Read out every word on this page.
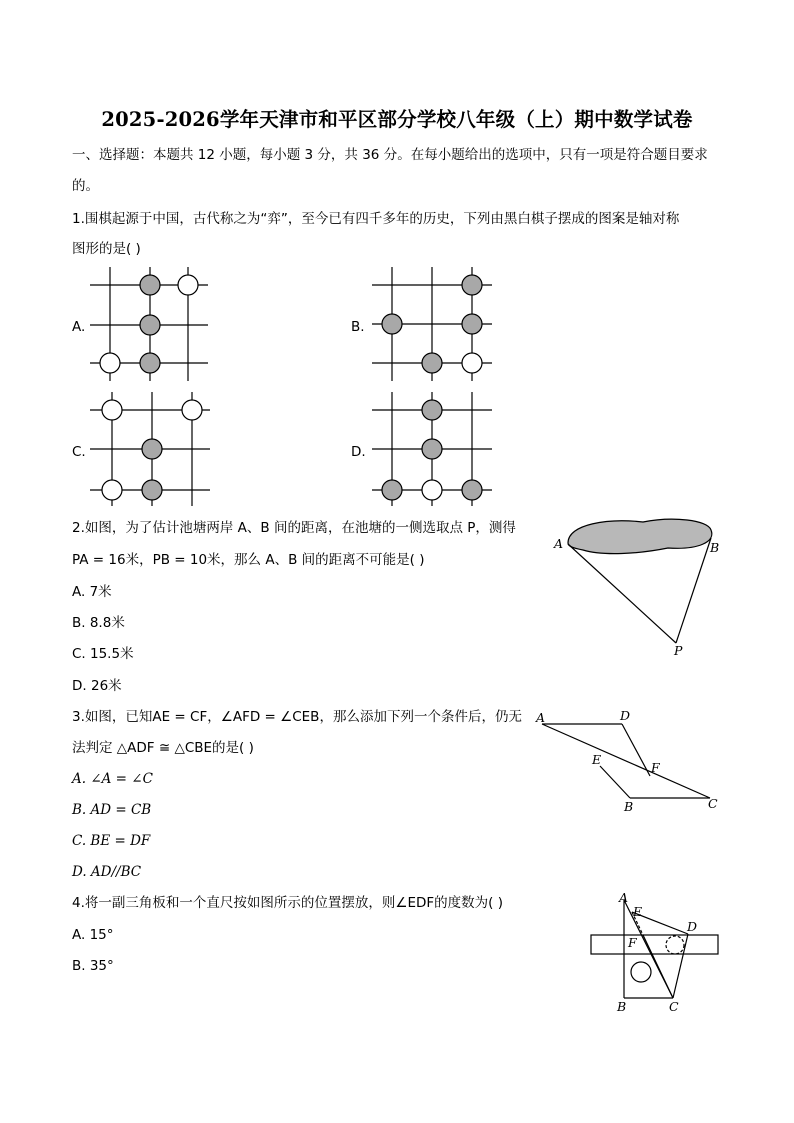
2025-2026学年天津市和平区部分学校八年级（上）期中数学试卷
一、选择题：本题共 12 小题，每小题 3 分，共 36 分。在每小题给出的选项中，只有一项是符合题目要求
的。
1.围棋起源于中国，古代称之为“弈”，至今已有四千多年的历史，下列由黑白棋子摆成的图案是轴对称
图形的是( )
A.	B.
C.	D.
2.如图，为了估计池塘两岸 A、B 间的距离，在池塘的一侧选取点 P，测得
PA = 16米，PB = 10米，那么 A、B 间的距离不可能是( )
A. 7米
B. 8.8米
C. 15.5米
D. 26米
A	B
P
3.如图，已知AE = CF，∠AFD = ∠CEB，那么添加下列一个条件后，仍无
法判定 △ADF ≅ △CBE的是( )
A. ∠A = ∠C
B. AD = CB
C. BE = DF
D. AD//BC
A	D
E
F
B	C
4.将一副三角板和一个直尺按如图所示的位置摆放，则∠EDF的度数为( )
A. 15°
B. 35°
A
E
D
F
B	C
